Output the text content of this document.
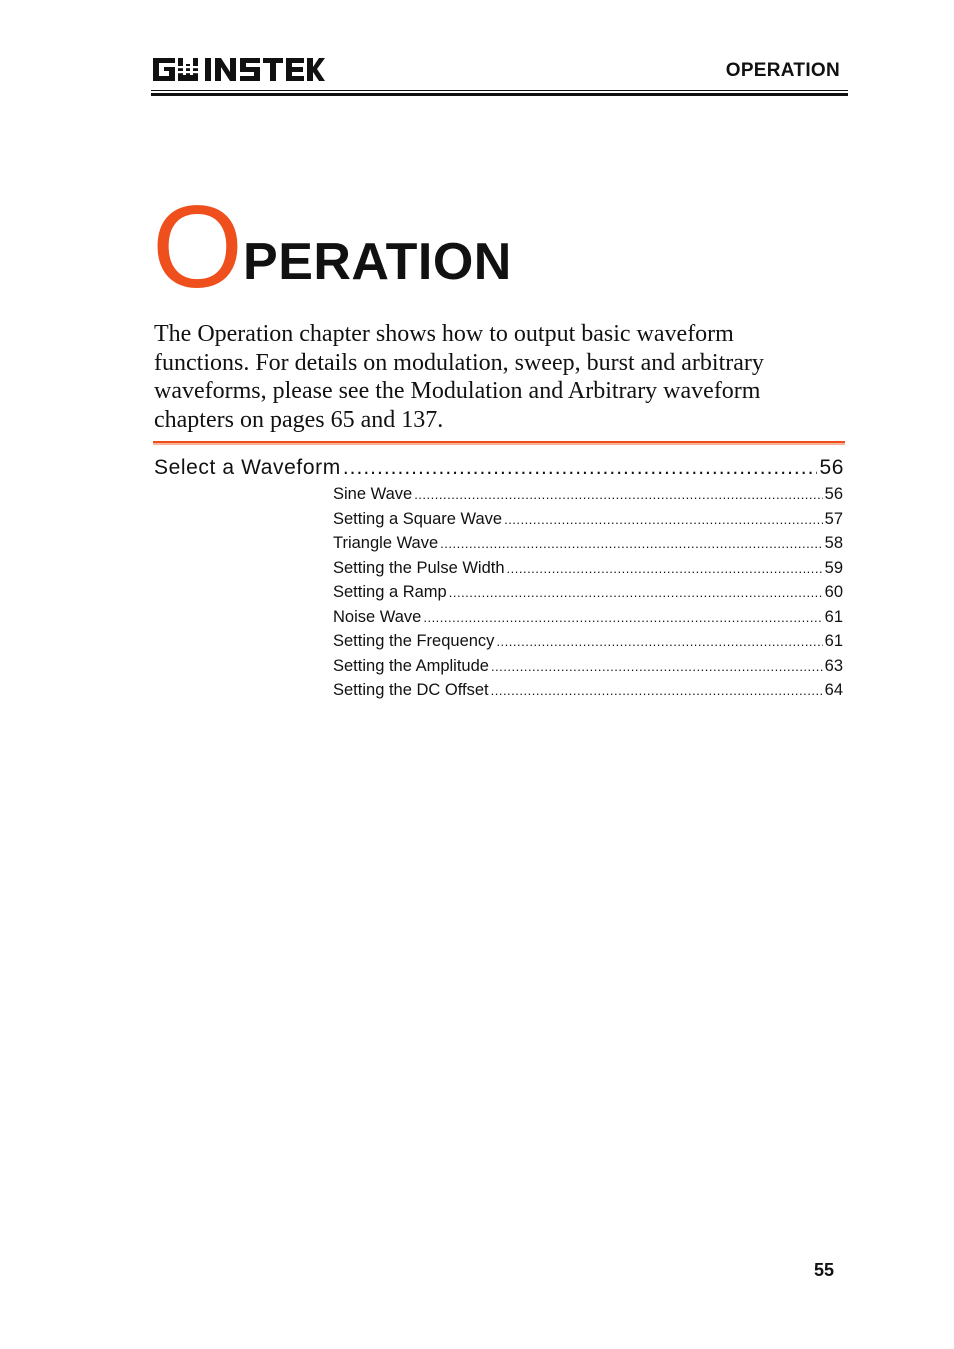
OPERATION
OPERATION

The Operation chapter shows how to output basic waveform functions. For details on modulation, sweep, burst and arbitrary waveforms, please see the Modulation and Arbitrary waveform chapters on pages 65 and 137.

Select a Waveform .....	56
Sine Wave .....	56
Setting a Square Wave .....	57
Triangle Wave .....	58
Setting the Pulse Width .....	59
Setting a Ramp .....	60
Noise Wave .....	61
Setting the Frequency .....	61
Setting the Amplitude .....	63
Setting the DC Offset .....	64
55
